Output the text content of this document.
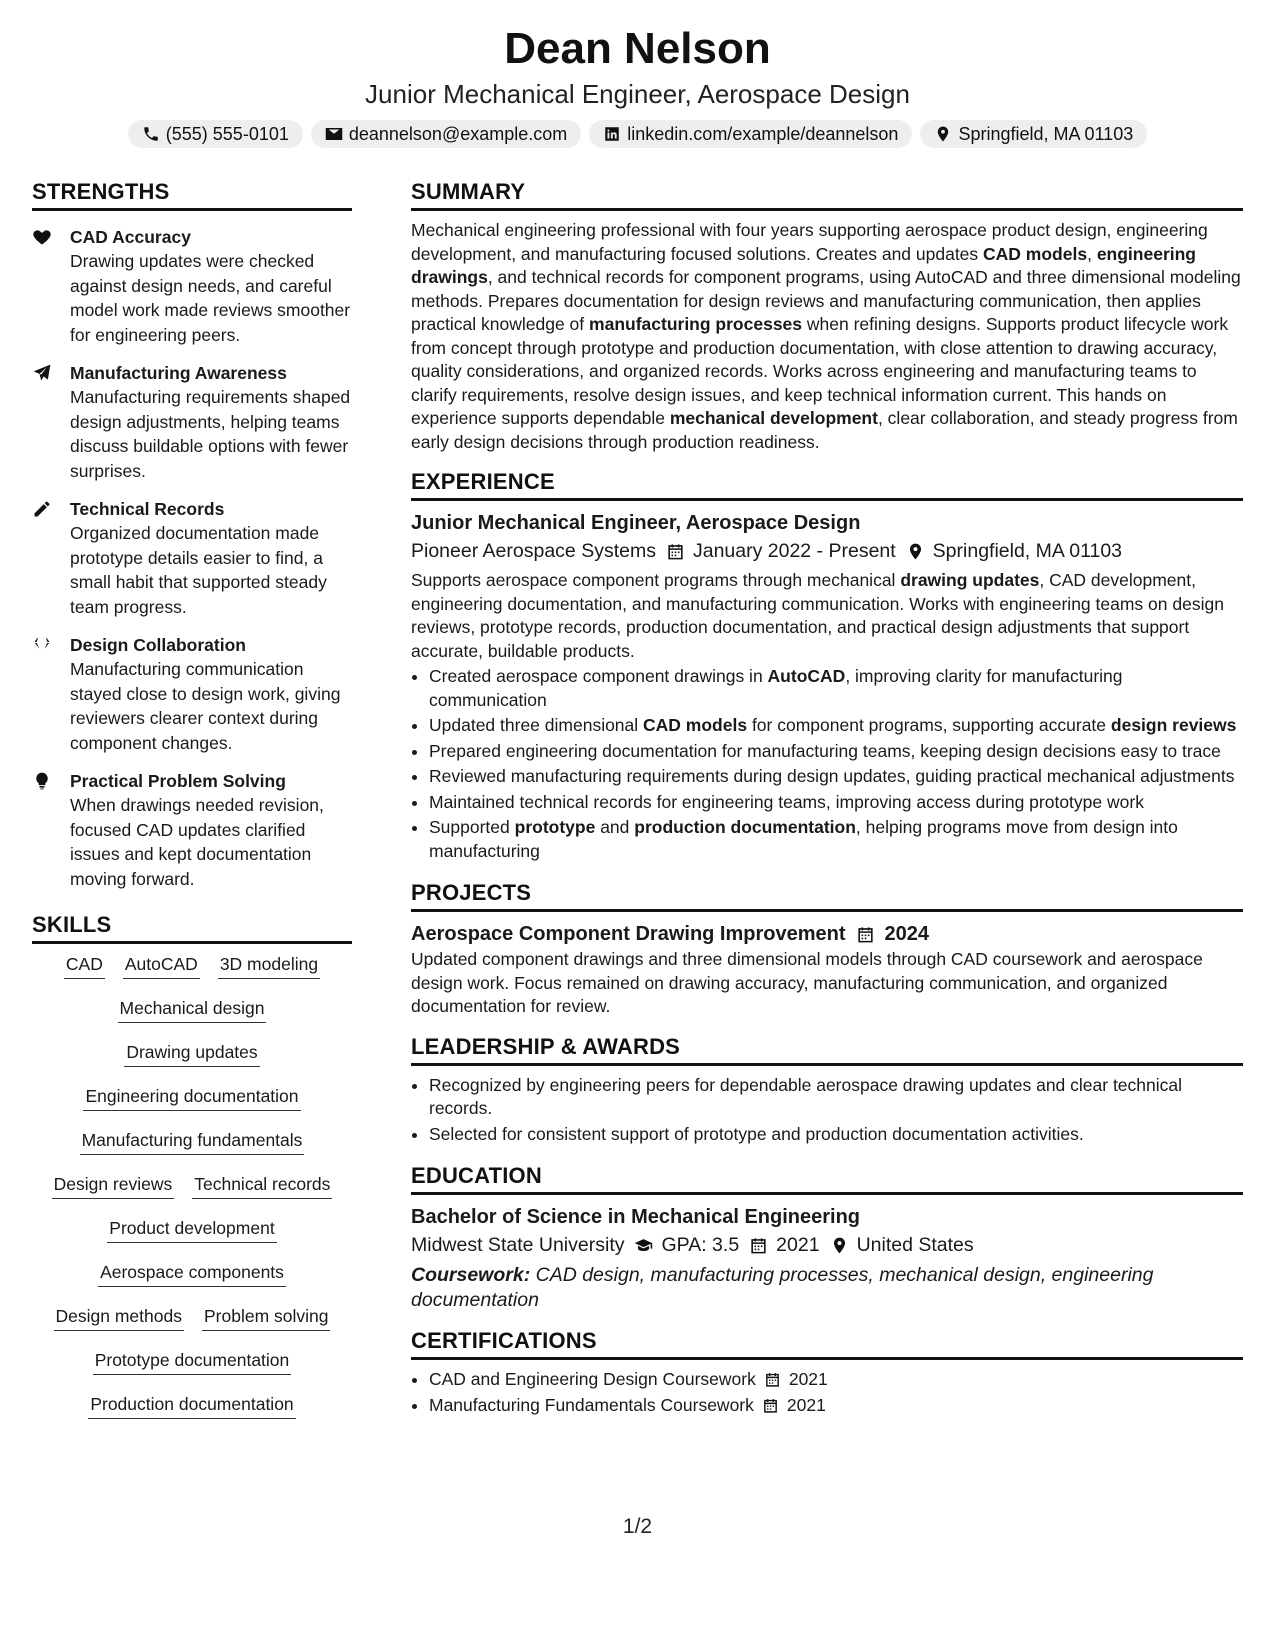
Dean Nelson
Junior Mechanical Engineer, Aerospace Design
(555) 555-0101	deannelson@example.com	linkedin.com/example/deannelson	Springfield, MA 01103
STRENGTHS
CAD Accuracy
Drawing updates were checked against design needs, and careful model work made reviews smoother for engineering peers.
Manufacturing Awareness
Manufacturing requirements shaped design adjustments, helping teams discuss buildable options with fewer surprises.
Technical Records
Organized documentation made prototype details easier to find, a small habit that supported steady team progress.
Design Collaboration
Manufacturing communication stayed close to design work, giving reviewers clearer context during component changes.
Practical Problem Solving
When drawings needed revision, focused CAD updates clarified issues and kept documentation moving forward.
SKILLS
CAD AutoCAD 3D modeling
Mechanical design
Drawing updates
Engineering documentation
Manufacturing fundamentals
Design reviews Technical records
Product development
Aerospace components
Design methods Problem solving
Prototype documentation
Production documentation
SUMMARY

Mechanical engineering professional with four years supporting aerospace product design, engineering development, and manufacturing focused solutions. Creates and updates CAD models, engineering drawings, and technical records for component programs, using AutoCAD and three dimensional modeling methods. Prepares documentation for design reviews and manufacturing communication, then applies practical knowledge of manufacturing processes when refining designs. Supports product lifecycle work from concept through prototype and production documentation, with close attention to drawing accuracy, quality considerations, and organized records. Works across engineering and manufacturing teams to clarify requirements, resolve design issues, and keep technical information current. This hands on experience supports dependable mechanical development, clear collaboration, and steady progress from early design decisions through production readiness.

EXPERIENCE
Junior Mechanical Engineer, Aerospace Design
Pioneer Aerospace Systems January 2022 - Present Springfield, MA 01103

Supports aerospace component programs through mechanical drawing updates, CAD development, engineering documentation, and manufacturing communication. Works with engineering teams on design reviews, prototype records, production documentation, and practical design adjustments that support accurate, buildable products.

• Created aerospace component drawings in AutoCAD, improving clarity for manufacturing communication
• Updated three dimensional CAD models for component programs, supporting accurate design reviews
• Prepared engineering documentation for manufacturing teams, keeping design decisions easy to trace
• Reviewed manufacturing requirements during design updates, guiding practical mechanical adjustments
• Maintained technical records for engineering teams, improving access during prototype work
• Supported prototype and production documentation, helping programs move from design into manufacturing
PROJECTS
Aerospace Component Drawing Improvement 2024

Updated component drawings and three dimensional models through CAD coursework and aerospace design work. Focus remained on drawing accuracy, manufacturing communication, and organized documentation for review.

LEADERSHIP & AWARDS
• Recognized by engineering peers for dependable aerospace drawing updates and clear technical records.
• Selected for consistent support of prototype and production documentation activities.
EDUCATION
Bachelor of Science in Mechanical Engineering
Midwest State University GPA: 3.5 2021 United States
Coursework: CAD design, manufacturing processes, mechanical design, engineering documentation
CERTIFICATIONS
• CAD and Engineering Design Coursework 2021
• Manufacturing Fundamentals Coursework 2021
1/2
